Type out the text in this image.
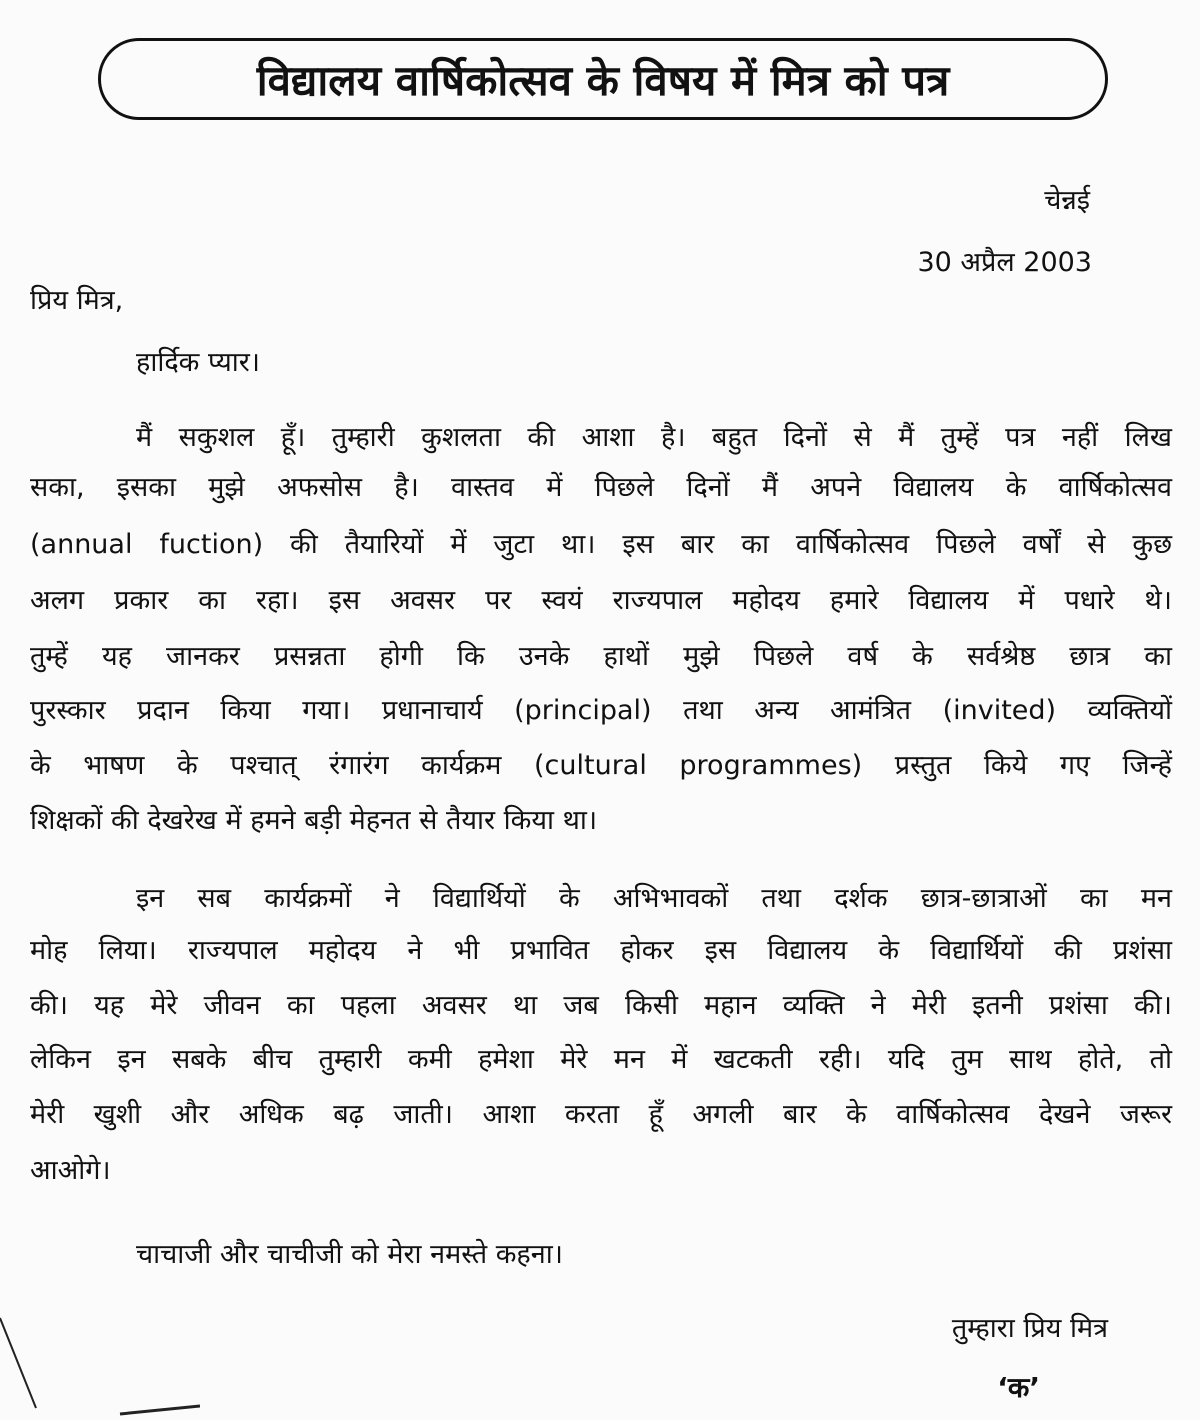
विद्यालय वार्षिकोत्सव के विषय में मित्र को पत्र
चेन्नई
30 अप्रैल 2003
प्रिय मित्र,
हार्दिक प्यार।
मैं सकुशल हूँ। तुम्हारी कुशलता की आशा है। बहुत दिनों से मैं तुम्हें पत्र नहीं लिख
सका, इसका मुझे अफसोस है। वास्तव में पिछले दिनों मैं अपने विद्यालय के वार्षिकोत्सव
(annual fuction) की तैयारियों में जुटा था। इस बार का वार्षिकोत्सव पिछले वर्षों से कुछ
अलग प्रकार का रहा। इस अवसर पर स्वयं राज्यपाल महोदय हमारे विद्यालय में पधारे थे।
तुम्हें यह जानकर प्रसन्नता होगी कि उनके हाथों मुझे पिछले वर्ष के सर्वश्रेष्ठ छात्र का
पुरस्कार प्रदान किया गया। प्रधानाचार्य (principal) तथा अन्य आमंत्रित (invited) व्यक्तियों
के भाषण के पश्चात् रंगारंग कार्यक्रम (cultural programmes) प्रस्तुत किये गए जिन्हें
शिक्षकों की देखरेख में हमने बड़ी मेहनत से तैयार किया था।
इन सब कार्यक्रमों ने विद्यार्थियों के अभिभावकों तथा दर्शक छात्र-छात्राओं का मन
मोह लिया। राज्यपाल महोदय ने भी प्रभावित होकर इस विद्यालय के विद्यार्थियों की प्रशंसा
की। यह मेरे जीवन का पहला अवसर था जब किसी महान व्यक्ति ने मेरी इतनी प्रशंसा की।
लेकिन इन सबके बीच तुम्हारी कमी हमेशा मेरे मन में खटकती रही। यदि तुम साथ होते, तो
मेरी खुशी और अधिक बढ़ जाती। आशा करता हूँ अगली बार के वार्षिकोत्सव देखने जरूर
आओगे।
चाचाजी और चाचीजी को मेरा नमस्ते कहना।
तुम्हारा प्रिय मित्र
‘क’
